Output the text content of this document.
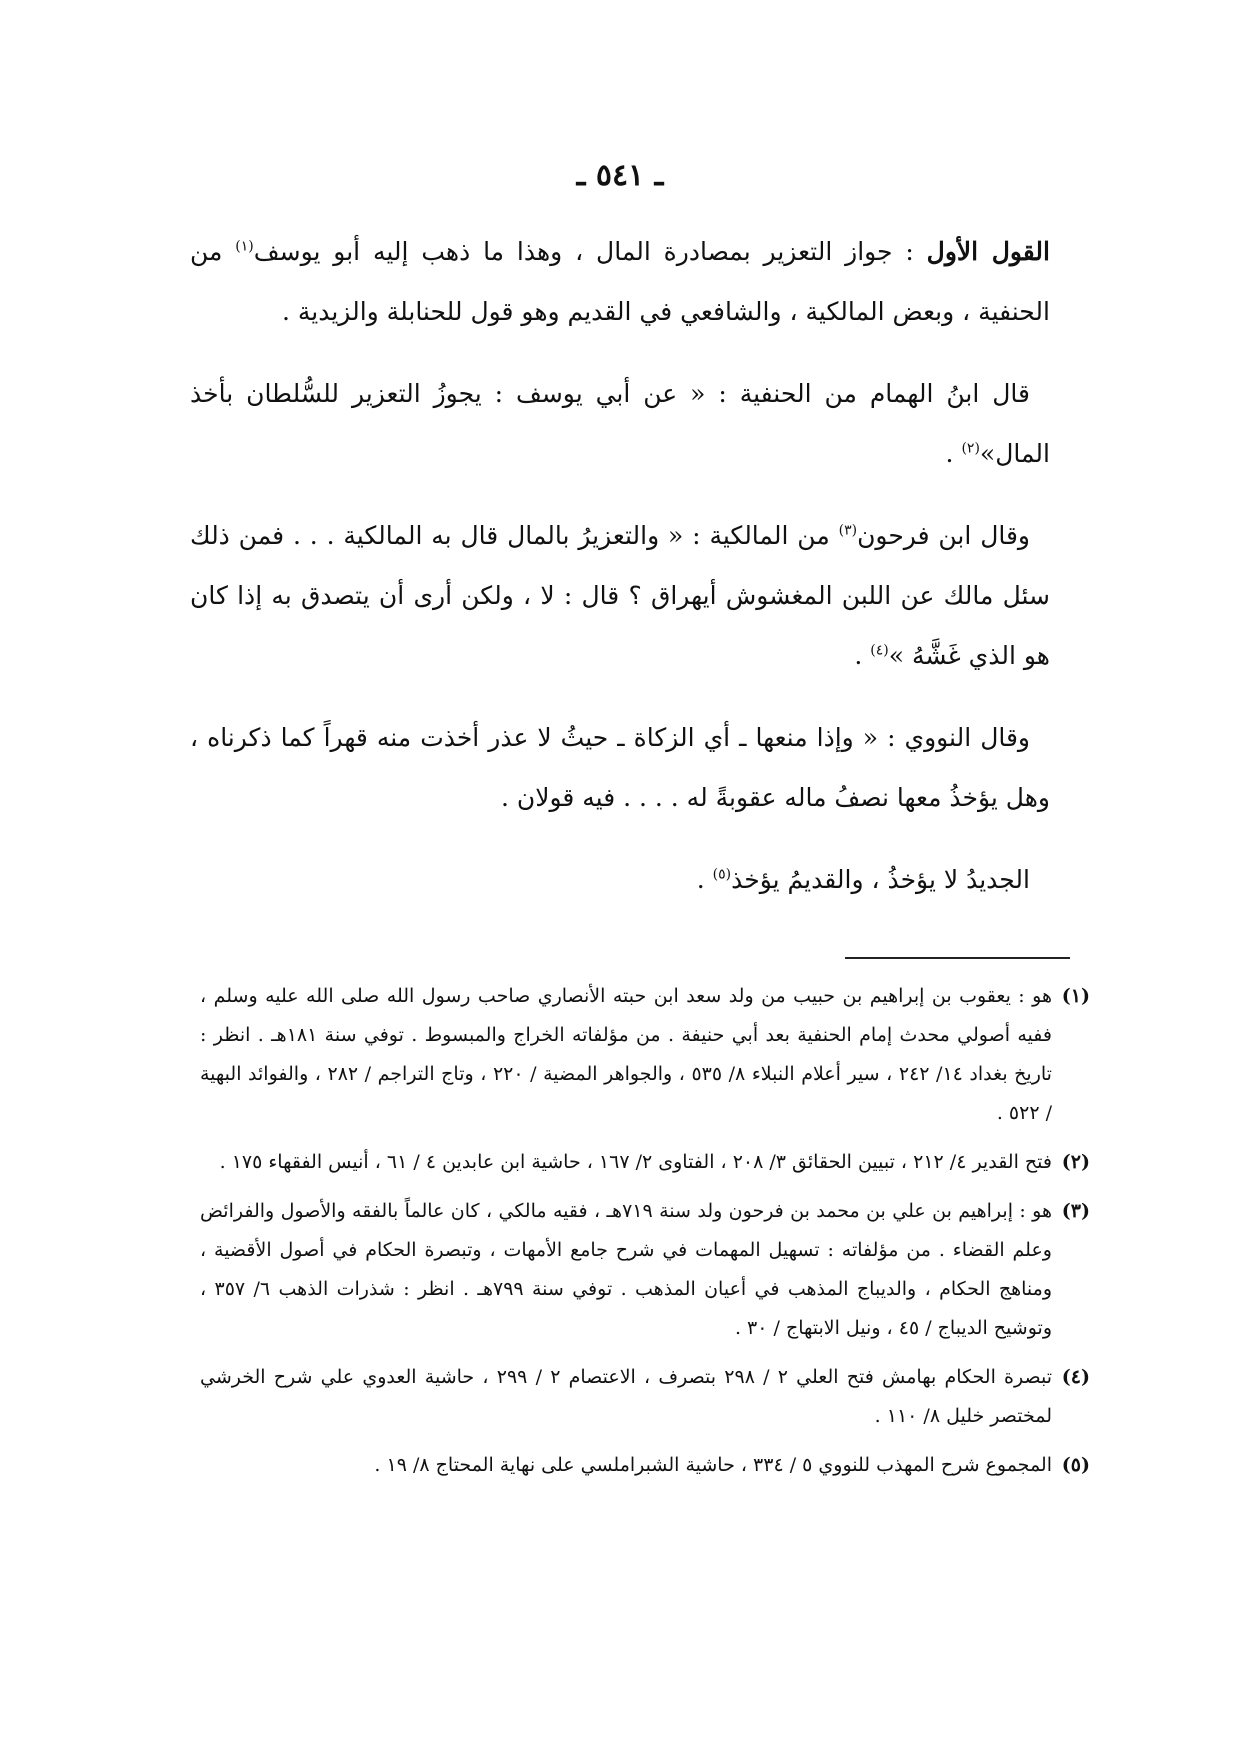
ـ ٥٤١ ـ

القول الأول : جواز التعزير بمصادرة المال ، وهذا ما ذهب إليه أبو يوسف$^{(١)}$ من الحنفية ، وبعض المالكية ، والشافعي في القديم وهو قول للحنابلة والزيدية .

قال ابنُ الهمام من الحنفية : « عن أبي يوسف : يجوزُ التعزير للسُّلطان بأخذ المال»$^{(٢)}$ .

وقال ابن فرحون$^{(٣)}$ من المالكية : « والتعزيرُ بالمال قال به المالكية . . . فمن ذلك سئل مالك عن اللبن المغشوش أيهراق ؟ قال : لا ، ولكن أرى أن يتصدق به إذا كان هو الذي غَشَّهُ »$^{(٤)}$ .

وقال النووي : « وإذا منعها ـ أي الزكاة ـ حيثُ لا عذر أخذت منه قهراً كما ذكرناه ، وهل يؤخذُ معها نصفُ ماله عقوبةً له . . . . فيه قولان .

الجديدُ لا يؤخذُ ، والقديمُ يؤخذ$^{(٥)}$ .

(١)
هو : يعقوب بن إبراهيم بن حبيب من ولد سعد ابن حبته الأنصاري صاحب رسول الله صلى الله عليه وسلم ، ففيه أصولي محدث إمام الحنفية بعد أبي حنيفة . من مؤلفاته الخراج والمبسوط . توفي سنة ١٨١هـ . انظر : تاريخ بغداد ١٤/ ٢٤٢ ، سير أعلام النبلاء ٨/ ٥٣٥ ، والجواهر المضية / ٢٢٠ ، وتاج التراجم / ٢٨٢ ، والفوائد البهية / ٥٢٢ .
(٢)
فتح القدير ٤/ ٢١٢ ، تبيين الحقائق ٣/ ٢٠٨ ، الفتاوى ٢/ ١٦٧ ، حاشية ابن عابدين ٤ / ٦١ ، أنيس الفقهاء ١٧٥ .
(٣)
هو : إبراهيم بن علي بن محمد بن فرحون ولد سنة ٧١٩هـ ، فقيه مالكي ، كان عالماً بالفقه والأصول والفرائض وعلم القضاء . من مؤلفاته : تسهيل المهمات في شرح جامع الأمهات ، وتبصرة الحكام في أصول الأقضية ، ومناهج الحكام ، والديباج المذهب في أعيان المذهب . توفي سنة ٧٩٩هـ . انظر : شذرات الذهب ٦/ ٣٥٧ ، وتوشيح الديباج / ٤٥ ، ونيل الابتهاج / ٣٠ .
(٤)
تبصرة الحكام بهامش فتح العلي ٢ / ٢٩٨ بتصرف ، الاعتصام ٢ / ٢٩٩ ، حاشية العدوي علي شرح الخرشي لمختصر خليل ٨/ ١١٠ .
(٥)
المجموع شرح المهذب للنووي ٥ / ٣٣٤ ، حاشية الشبراملسي على نهاية المحتاج ٨/ ١٩ .
